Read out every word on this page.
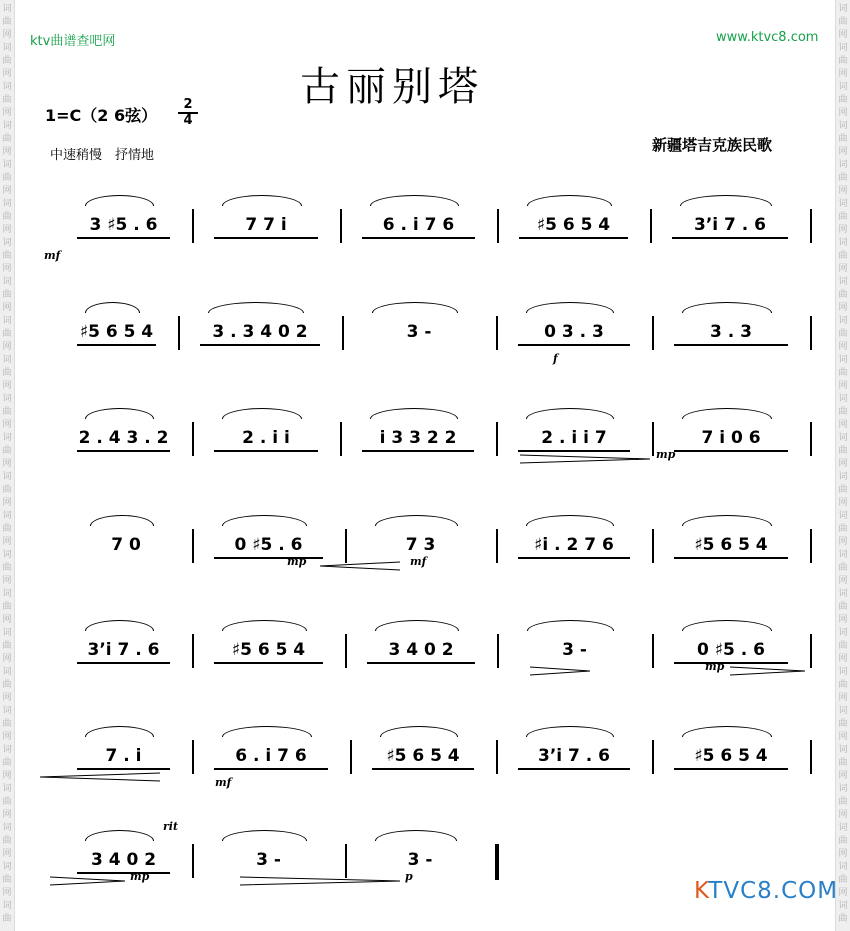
词
曲
网
词
曲
网
词
曲
网
词
曲
网
词
曲
网
词
曲
网
词
曲
网
词
曲
网
词
曲
网
词
曲
网
词
曲
网
词
曲
网
词
曲
网
词
曲
网
词
曲
网
词
曲
网
词
曲
网
词
曲
网
词
曲
网
词
曲
网
词
曲
网
词
曲
网
词
曲
网
词
曲
词
曲
网
词
曲
网
词
曲
网
词
曲
网
词
曲
网
词
曲
网
词
曲
网
词
曲
网
词
曲
网
词
曲
网
词
曲
网
词
曲
网
词
曲
网
词
曲
网
词
曲
网
词
曲
网
词
曲
网
词
曲
网
词
曲
网
词
曲
网
词
曲
网
词
曲
网
词
曲
网
词
曲
ktv曲谱查吧网	www.ktvc8.com
古丽别塔
1=C（2 6弦）
2
4
中速稍慢　抒情地
新疆塔吉克族民歌
3 ♯5 . 6	7 7 i	6 . i 7 6	♯5 6 5 4	3’i 7 . 6
mf
♯5 6 5 4	3 . 3 4 0 2	3 -	0 3 . 3	3 . 3
f
2 . 4 3 . 2	2 . i i	i 3 3 2 2	2 . i i 7	7 i 0 6
mp
7 0	0 ♯5 . 6	7 3	♯i . 2 7 6	♯5 6 5 4
mp	mf
3’i 7 . 6	♯5 6 5 4	3 4 0 2	3 -	0 ♯5 . 6
mp
7 . i	6 . i 7 6	♯5 6 5 4	3’i 7 . 6	♯5 6 5 4
mf
3 4 0 2	3 -	3 -
rit
mp	p
KTVC8.COM
